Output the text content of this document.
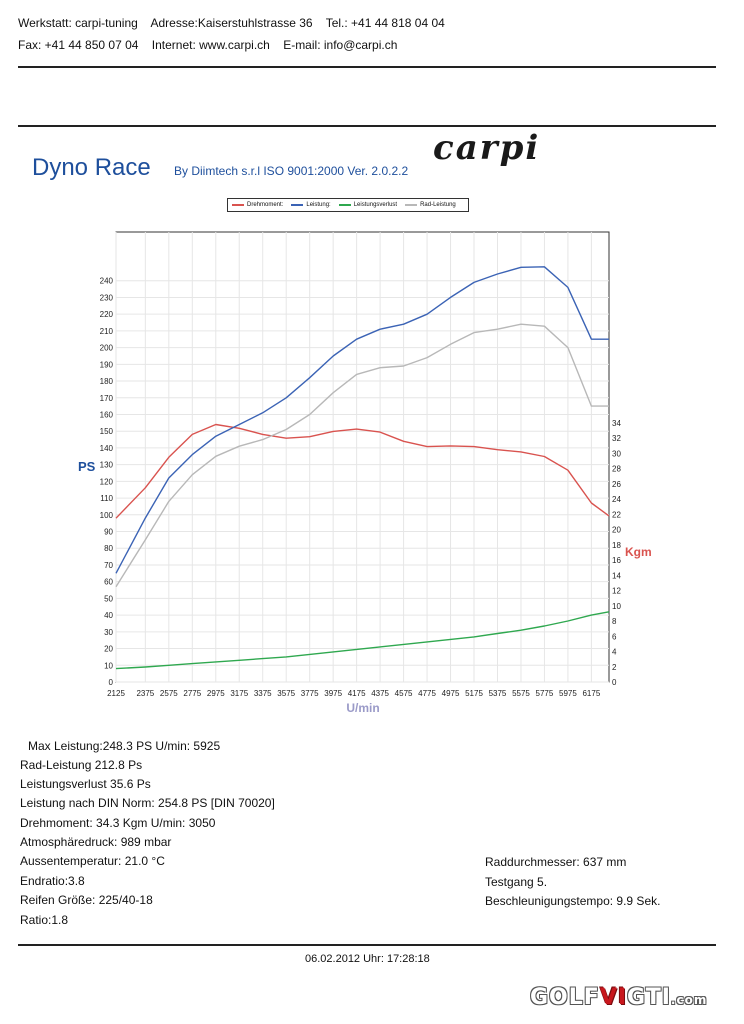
Werkstatt: carpi-tuning Adresse:Kaiserstuhlstrasse 36 Tel.: +41 44 818 04 04
Fax: +41 44 850 07 04 Internet: www.carpi.ch E-mail: info@carpi.ch
carpi
Dyno Race By Diimtech s.r.l ISO 9001:2000 Ver. 2.0.2.2
Drehmoment:	Leistung:	Leistungsverlust	Rad-Leistung
2125 2375 2575 2775 2975 3175 3375 3575 3775 3975 4175 4375 4575 4775 4975 5175 5375 5575 5775 5975 6175
0
10
20
30
40
50
60
70
80
90
100
110
120
130
140
150
160
170
180
190
200
210
220
230
240
0
2
4
6
8
10
12
14
16
18
20
22
24
26
28
30
32
34
U/min
PS
Kgm
Max Leistung:248.3 PS U/min: 5925
Rad-Leistung 212.8 Ps
Leistungsverlust 35.6 Ps
Leistung nach DIN Norm: 254.8 PS [DIN 70020]
Drehmoment: 34.3 Kgm U/min: 3050
Atmosphäredruck: 989 mbar
Aussentemperatur: 21.0 °C
Endratio:3.8
Reifen Größe: 225/40-18
Ratio:1.8
Raddurchmesser: 637 mm
Testgang 5.
Beschleunigungstempo: 9.9 Sek.
06.02.2012 Uhr: 17:28:18
GOLFVIGTI.com
